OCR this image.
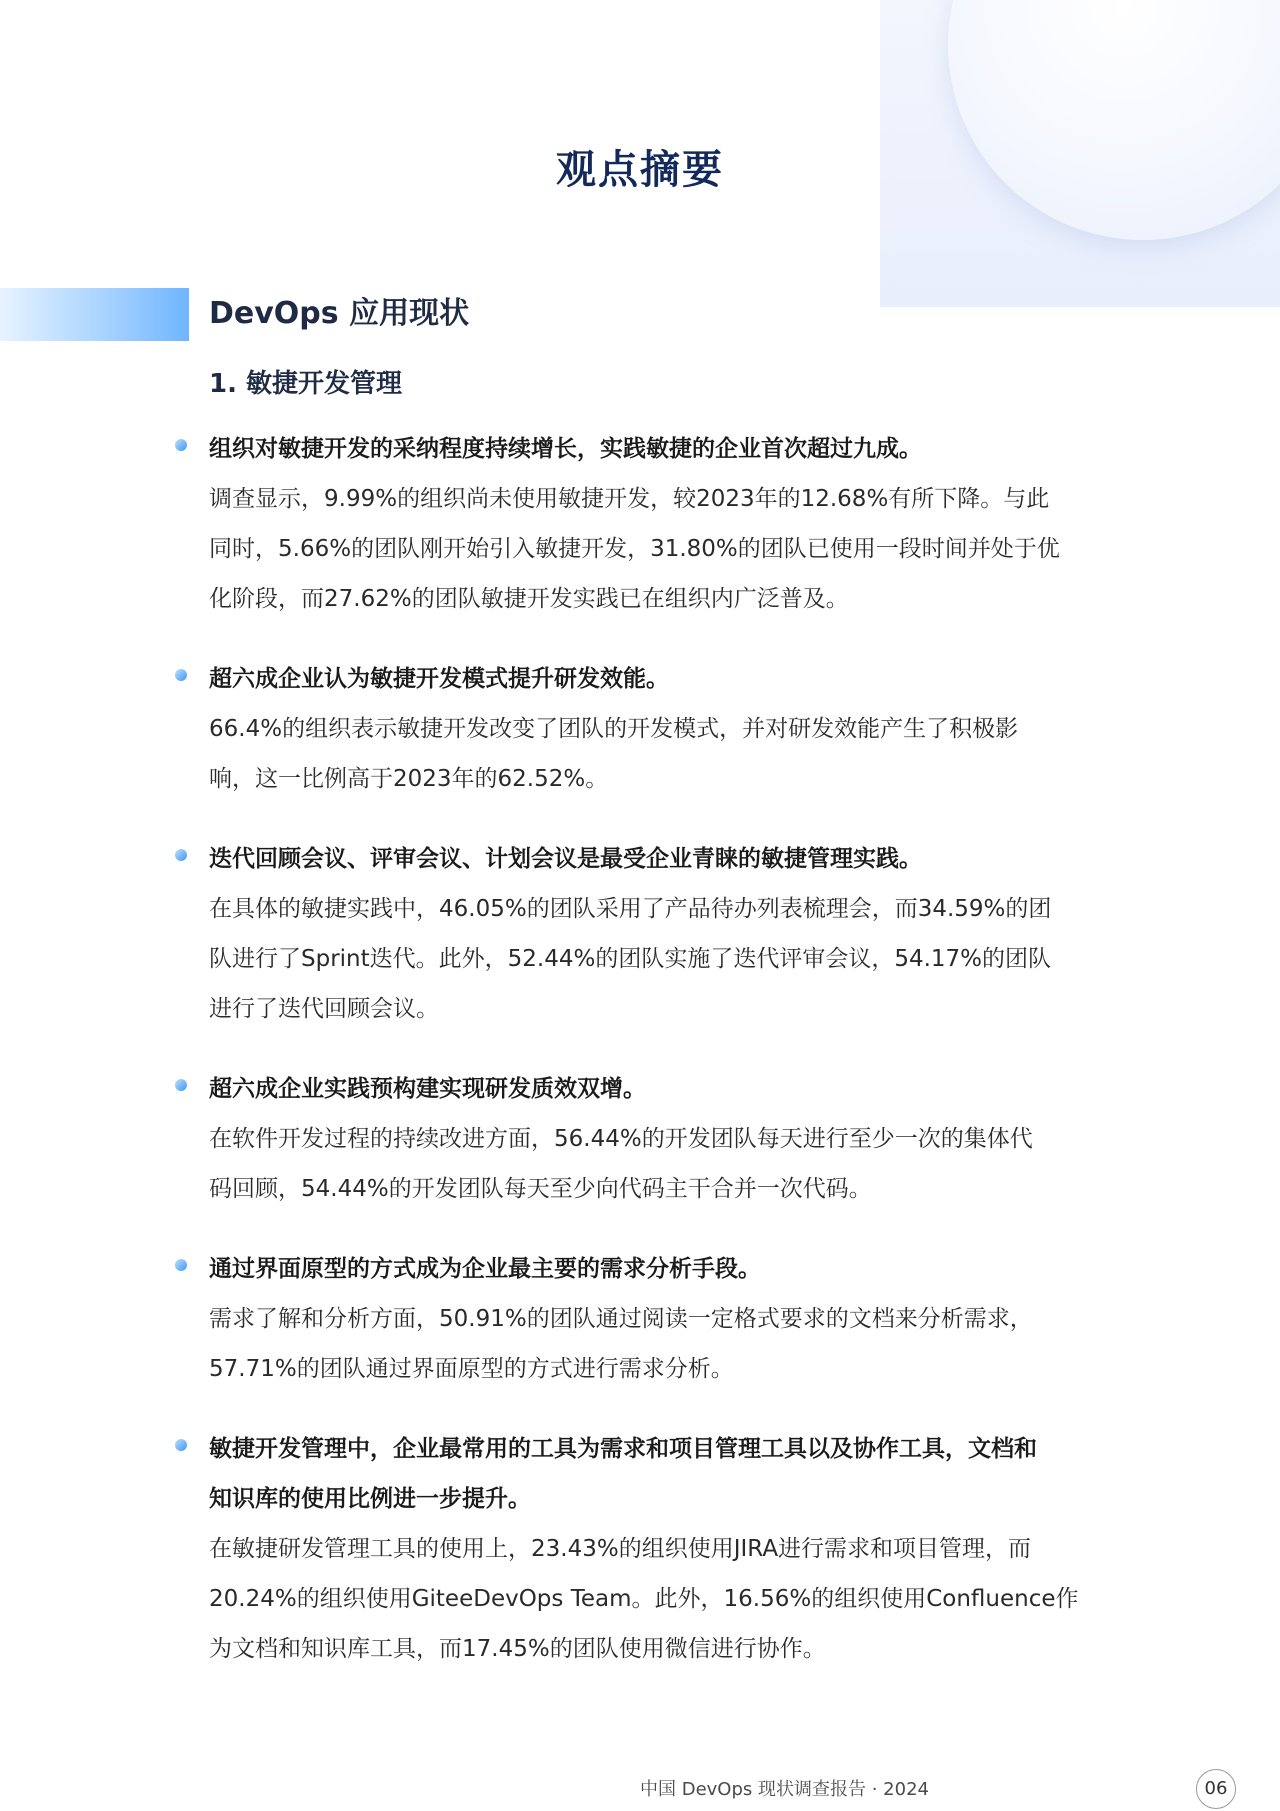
观点摘要
DevOps 应用现状
1. 敏捷开发管理

组织对敏捷开发的采纳程度持续增长，实践敏捷的企业首次超过九成。

调查显示，9.99%的组织尚未使用敏捷开发，较2023年的12.68%有所下降。与此

同时，5.66%的团队刚开始引入敏捷开发，31.80%的团队已使用一段时间并处于优

化阶段，而27.62%的团队敏捷开发实践已在组织内广泛普及。

超六成企业认为敏捷开发模式提升研发效能。

66.4%的组织表示敏捷开发改变了团队的开发模式，并对研发效能产生了积极影

响，这一比例高于2023年的62.52%。

迭代回顾会议、评审会议、计划会议是最受企业青睐的敏捷管理实践。

在具体的敏捷实践中，46.05%的团队采用了产品待办列表梳理会，而34.59%的团

队进行了Sprint迭代。此外，52.44%的团队实施了迭代评审会议，54.17%的团队

进行了迭代回顾会议。

超六成企业实践预构建实现研发质效双增。

在软件开发过程的持续改进方面，56.44%的开发团队每天进行至少一次的集体代

码回顾，54.44%的开发团队每天至少向代码主干合并一次代码。

通过界面原型的方式成为企业最主要的需求分析手段。

需求了解和分析方面，50.91%的团队通过阅读一定格式要求的文档来分析需求，

57.71%的团队通过界面原型的方式进行需求分析。

敏捷开发管理中，企业最常用的工具为需求和项目管理工具以及协作工具，文档和

知识库的使用比例进一步提升。

在敏捷研发管理工具的使用上，23.43%的组织使用JIRA进行需求和项目管理，而

20.24%的组织使用GiteeDevOps Team。此外，16.56%的组织使用Confluence作

为文档和知识库工具，而17.45%的团队使用微信进行协作。

中国 DevOps 现状调查报告 · 2024	06
